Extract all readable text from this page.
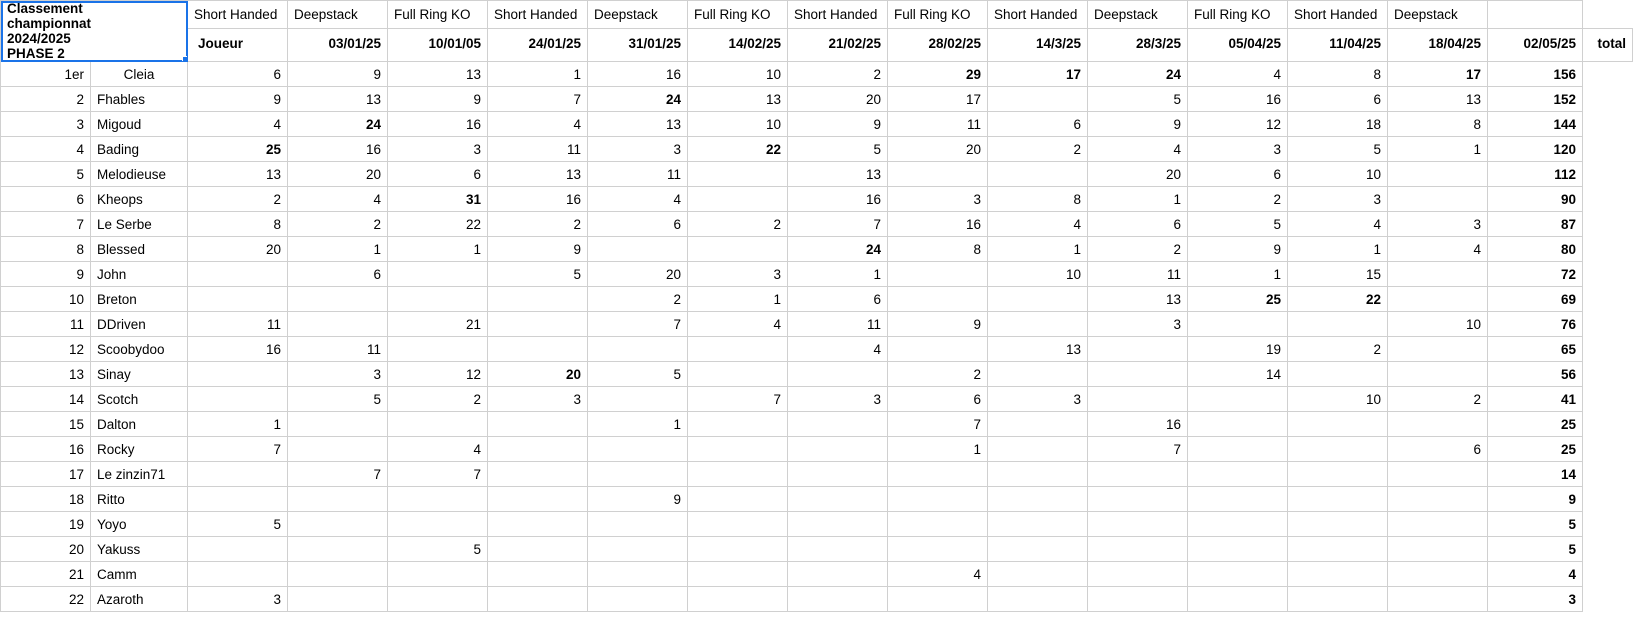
Classement
championnat
2024/2025
PHASE 2		Short Handed	Deepstack	Full Ring KO	Short Handed	Deepstack	Full Ring KO	Short Handed	Full Ring KO	Short Handed	Deepstack	Full Ring KO	Short Handed	Deepstack		
		Joueur	03/01/25	10/01/05	24/01/25	31/01/25	14/02/25	21/02/25	28/02/25	14/3/25	28/3/25	05/04/25	11/04/25	18/04/25	02/05/25	total
1er	Cleia	6	9	13	1	16	10	2	29	17	24	4	8	17	156	
2	Fhables	9	13	9	7	24	13	20	17		5	16	6	13	152	
3	Migoud	4	24	16	4	13	10	9	11	6	9	12	18	8	144	
4	Bading	25	16	3	11	3	22	5	20	2	4	3	5	1	120	
5	Melodieuse	13	20	6	13	11		13			20	6	10		112	
6	Kheops	2	4	31	16	4		16	3	8	1	2	3		90	
7	Le Serbe	8	2	22	2	6	2	7	16	4	6	5	4	3	87	
8	Blessed	20	1	1	9			24	8	1	2	9	1	4	80	
9	John		6		5	20	3	1		10	11	1	15		72	
10	Breton					2	1	6			13	25	22		69	
11	DDriven	11		21		7	4	11	9		3			10	76	
12	Scoobydoo	16	11					4		13		19	2		65	
13	Sinay		3	12	20	5			2			14			56	
14	Scotch		5	2	3		7	3	6	3			10	2	41	
15	Dalton	1				1			7		16				25	
16	Rocky	7		4					1		7			6	25	
17	Le zinzin71		7	7											14	
18	Ritto					9									9	
19	Yoyo	5													5	
20	Yakuss			5											5	
21	Camm								4						4	
22	Azaroth	3													3	
